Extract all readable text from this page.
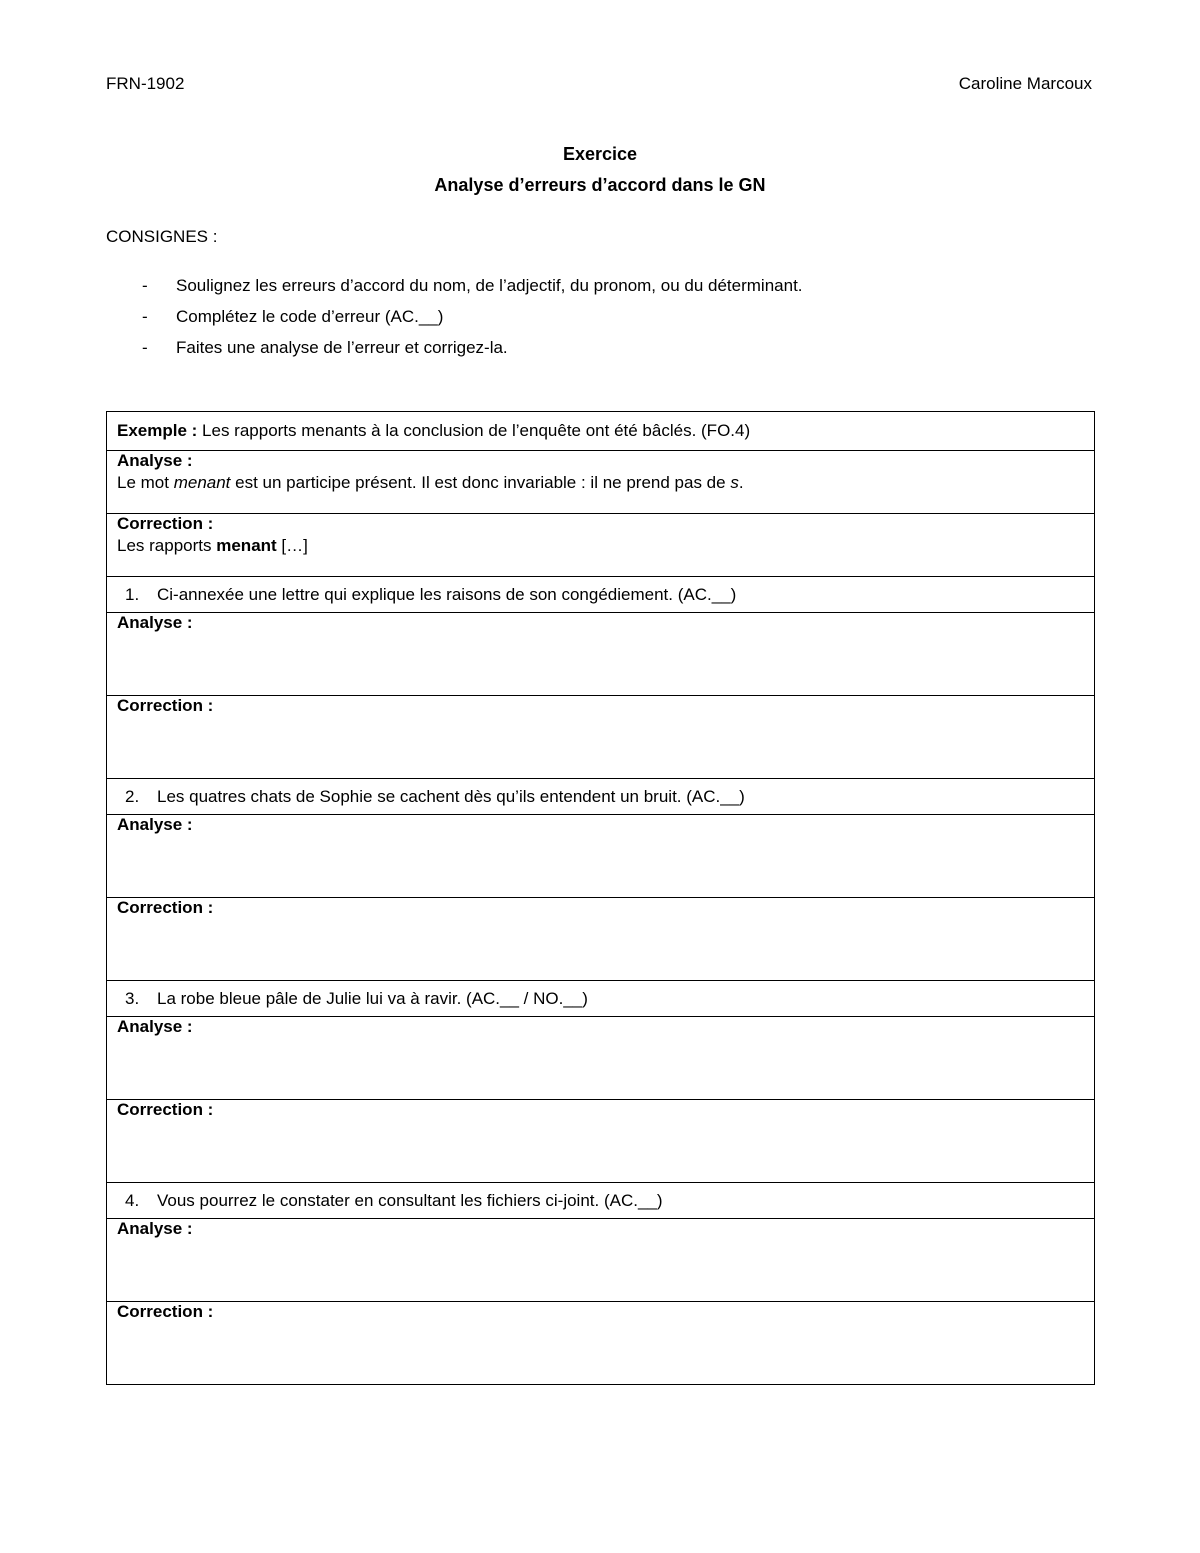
FRN-1902	Caroline Marcoux
Exercice
Analyse d’erreurs d’accord dans le GN
CONSIGNES :
- Soulignez les erreurs d’accord du nom, de l’adjectif, du pronom, ou du déterminant.
- Complétez le code d’erreur (AC.__)
- Faites une analyse de l’erreur et corrigez-la.
Exemple : Les rapports menants à la conclusion de l’enquête ont été bâclés. (FO.4)
Analyse :
Le mot menant est un participe présent. Il est donc invariable : il ne prend pas de s.

Correction :
Les rapports menant […]

1. Ci-annexée une lettre qui explique les raisons de son congédiement. (AC.__)
Analyse :
Correction :
2. Les quatres chats de Sophie se cachent dès qu’ils entendent un bruit. (AC.__)
Analyse :
Correction :
3. La robe bleue pâle de Julie lui va à ravir. (AC.__ / NO.__)
Analyse :
Correction :
4. Vous pourrez le constater en consultant les fichiers ci-joint. (AC.__)
Analyse :
Correction :
